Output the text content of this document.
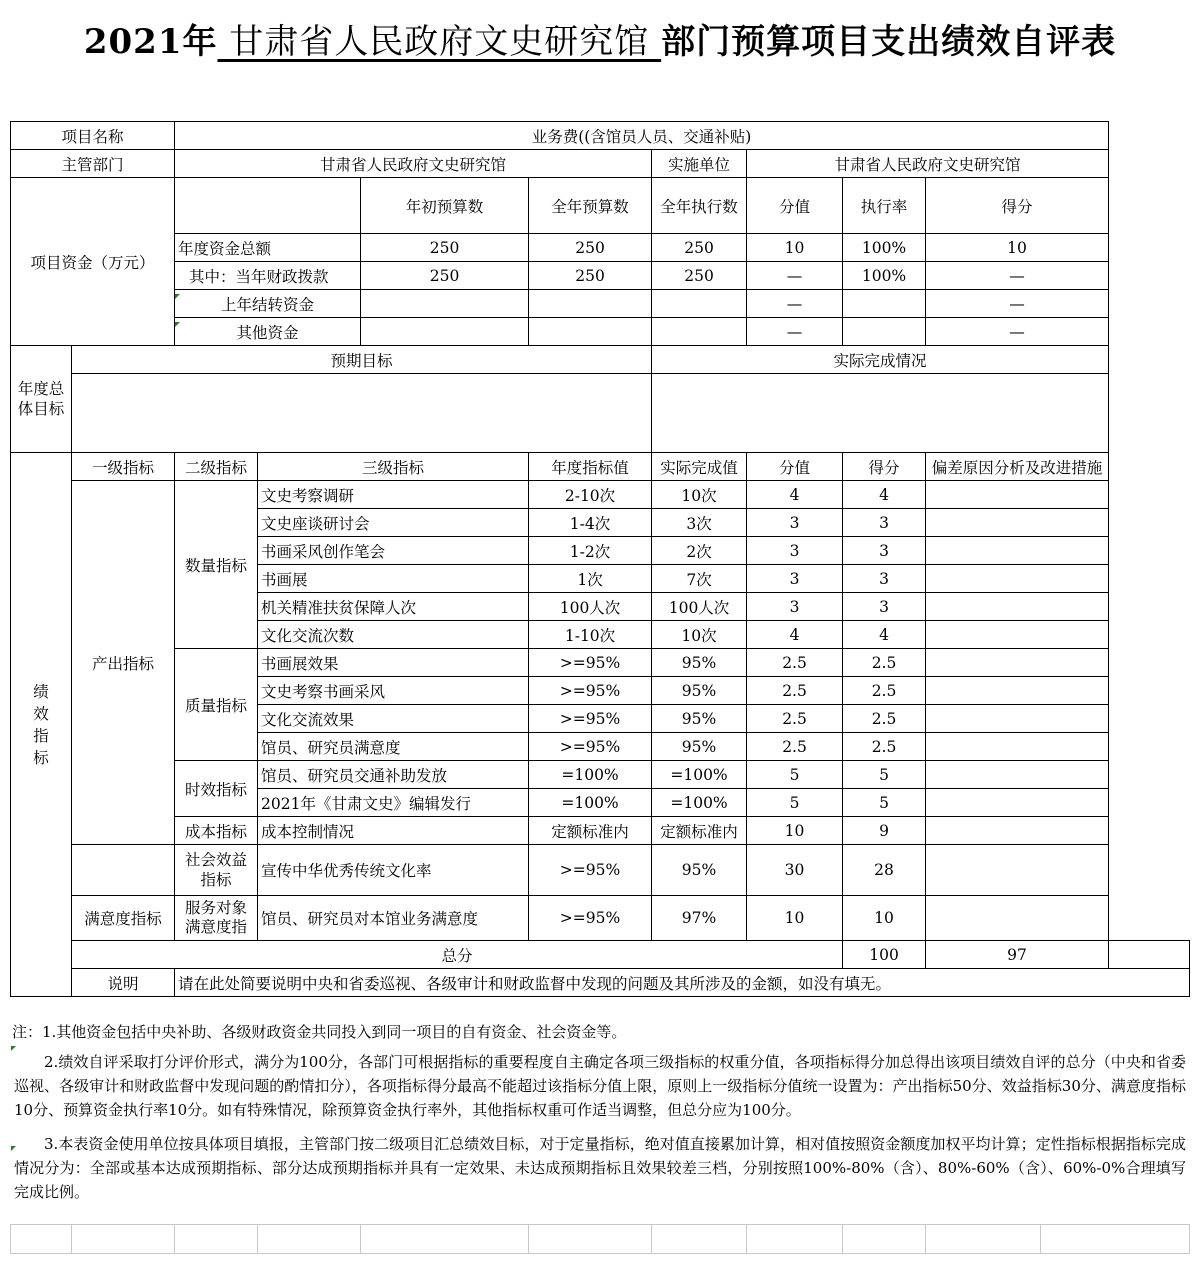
2021年 甘肃省人民政府文史研究馆 部门预算项目支出绩效自评表
项目名称		业务费((含馆员人员、交通补贴)								
主管部门		甘肃省人民政府文史研究馆				实施单位	甘肃省人民政府文史研究馆			
项目资金（万元）				年初预算数	全年预算数	全年执行数	分值	执行率	得分	
		年度资金总额		250	250	250	10	100%	10	
		其中：当年财政拨款		250	250	250	—	100%	—	
		上年结转资金					—		—	
		其他资金					—		—	
年度总体目标	预期目标					实际完成情况				

绩效指标	一级指标	二级指标	三级指标		年度指标值	实际完成值	分值	得分	偏差原因分析及改进措施	
	产出指标	数量指标	文史考察调研		2-10次	10次	4	4		
			文史座谈研讨会		1-4次	3次	3	3		
			书画采风创作笔会		1-2次	2次	3	3		
			书画展		1次	7次	3	3		
			机关精准扶贫保障人次		100人次	100人次	3	3		
			文化交流次数		1-10次	10次	4	4		
		质量指标	书画展效果		>=95%	95%	2.5	2.5		
			文史考察书画采风		>=95%	95%	2.5	2.5		
			文化交流效果		>=95%	95%	2.5	2.5		
			馆员、研究员满意度		>=95%	95%	2.5	2.5		
		时效指标	馆员、研究员交通补助发放		=100%	=100%	5	5		
			2021年《甘肃文史》编辑发行		=100%	=100%	5	5		
		成本指标	成本控制情况		定额标准内	定额标准内	10	9		
		社会效益指标	宣传中华优秀传统文化率		>=95%	95%	30	28		
	满意度指标	服务对象满意度指	馆员、研究员对本馆业务满意度		>=95%	97%	10	10		
	总分							100	97	
	说明	请在此处简要说明中央和省委巡视、各级审计和财政监督中发现的问题及其所涉及的金额，如没有填无。								
注：1.其他资金包括中央补助、各级财政资金共同投入到同一项目的自有资金、社会资金等。
2.绩效自评采取打分评价形式，满分为100分，各部门可根据指标的重要程度自主确定各项三级指标的权重分值，各项指标得分加总得出该项目绩效自评的总分（中央和省委巡视、各级审计和财政监督中发现问题的酌情扣分），各项指标得分最高不能超过该指标分值上限，原则上一级指标分值统一设置为：产出指标50分、效益指标30分、满意度指标10分、预算资金执行率10分。如有特殊情况，除预算资金执行率外，其他指标权重可作适当调整，但总分应为100分。
3.本表资金使用单位按具体项目填报，主管部门按二级项目汇总绩效目标，对于定量指标，绝对值直接累加计算，相对值按照资金额度加权平均计算；定性指标根据指标完成情况分为：全部或基本达成预期指标、部分达成预期指标并具有一定效果、未达成预期指标且效果较差三档，分别按照100%-80%（含）、80%-60%（含）、60%-0%合理填写完成比例。
